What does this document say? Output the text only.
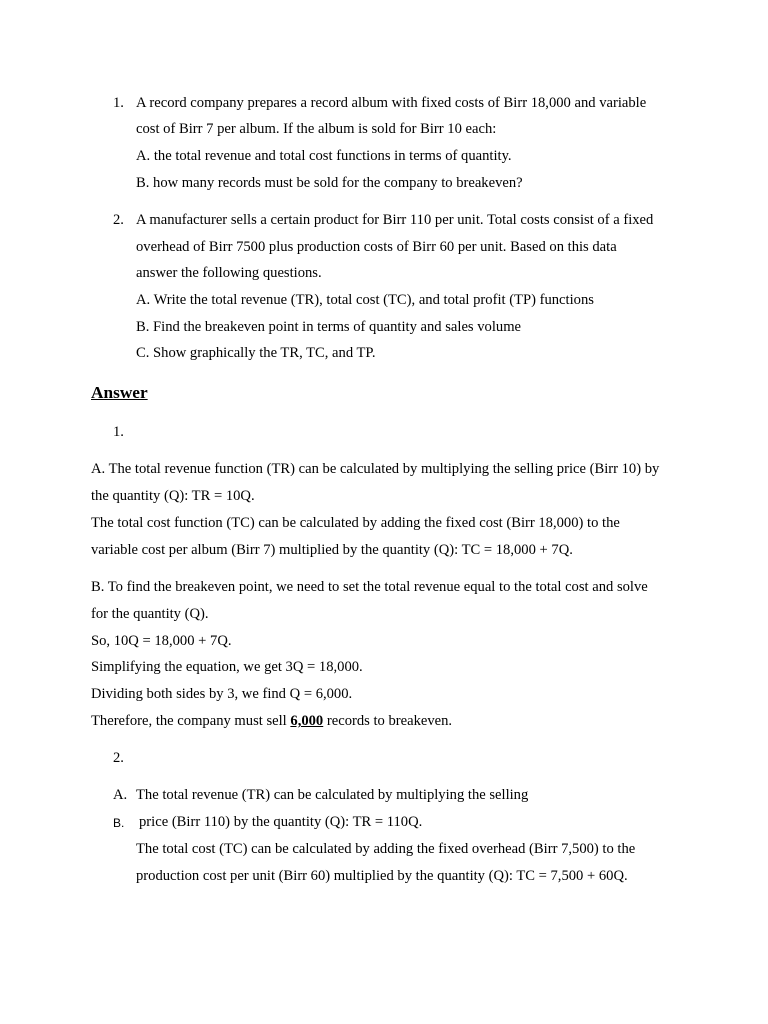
1. A record company prepares a record album with fixed costs of Birr 18,000 and variable
cost of Birr 7 per album. If the album is sold for Birr 10 each:
A. the total revenue and total cost functions in terms of quantity.
B. how many records must be sold for the company to breakeven?
2. A manufacturer sells a certain product for Birr 110 per unit. Total costs consist of a fixed
overhead of Birr 7500 plus production costs of Birr 60 per unit. Based on this data
answer the following questions.
A. Write the total revenue (TR), total cost (TC), and total profit (TP) functions
B. Find the breakeven point in terms of quantity and sales volume
C. Show graphically the TR, TC, and TP.
Answer
1.
A. The total revenue function (TR) can be calculated by multiplying the selling price (Birr 10) by
the quantity (Q): TR = 10Q.
The total cost function (TC) can be calculated by adding the fixed cost (Birr 18,000) to the
variable cost per album (Birr 7) multiplied by the quantity (Q): TC = 18,000 + 7Q.
B. To find the breakeven point, we need to set the total revenue equal to the total cost and solve
for the quantity (Q).
So, 10Q = 18,000 + 7Q.
Simplifying the equation, we get 3Q = 18,000.
Dividing both sides by 3, we find Q = 6,000.
Therefore, the company must sell 6,000 records to breakeven.
2.
A. The total revenue (TR) can be calculated by multiplying the selling
B. price (Birr 110) by the quantity (Q): TR = 110Q.
The total cost (TC) can be calculated by adding the fixed overhead (Birr 7,500) to the
production cost per unit (Birr 60) multiplied by the quantity (Q): TC = 7,500 + 60Q.
